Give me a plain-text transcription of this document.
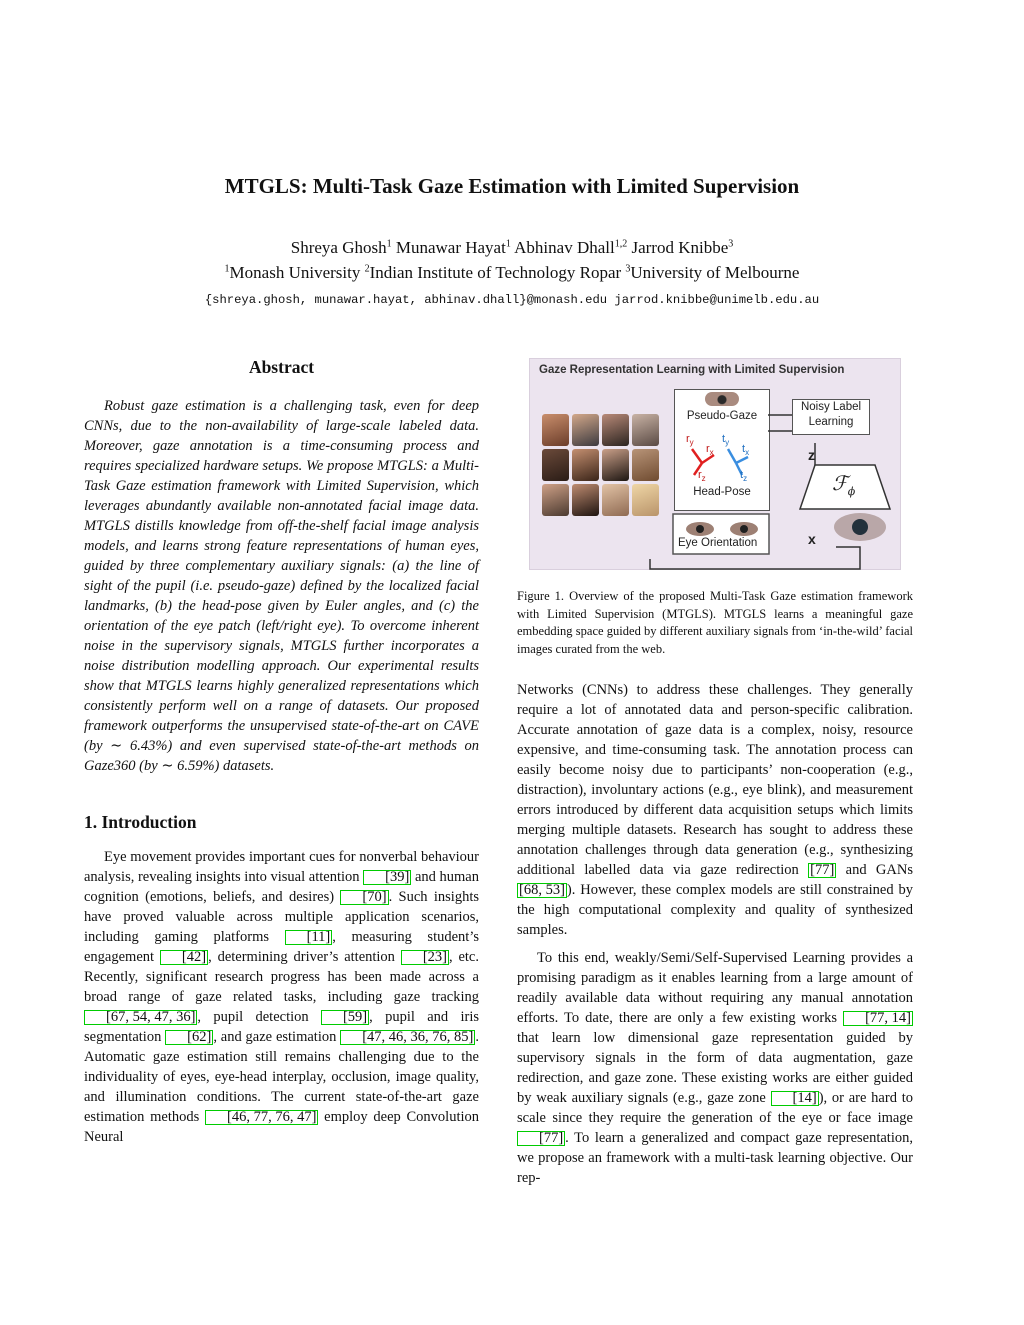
MTGLS: Multi-Task Gaze Estimation with Limited Supervision

Shreya Ghosh$^1$ Munawar Hayat$^1$ Abhinav Dhall$^{1,2}$ Jarrod Knibbe$^3$

$^1$Monash University $^2$Indian Institute of Technology Ropar $^3$University of Melbourne

{shreya.ghosh, munawar.hayat, abhinav.dhall}@monash.edu jarrod.knibbe@unimelb.edu.au

Abstract

Robust gaze estimation is a challenging task, even for deep CNNs, due to the non-availability of large-scale labeled data. Moreover, gaze annotation is a time-consuming process and requires specialized hardware setups. We propose MTGLS: a Multi-Task Gaze estimation framework with Limited Supervision, which leverages abundantly available non-annotated facial image data. MTGLS distills knowledge from off-the-shelf facial image analysis models, and learns strong feature representations of human eyes, guided by three complementary auxiliary signals: (a) the line of sight of the pupil (i.e. pseudo-gaze) defined by the localized facial landmarks, (b) the head-pose given by Euler angles, and (c) the orientation of the eye patch (left/right eye). To overcome inherent noise in the supervisory signals, MTGLS further incorporates a noise distribution modelling approach. Our experimental results show that MTGLS learns highly generalized representations which consistently perform well on a range of datasets. Our proposed framework outperforms the unsupervised state-of-the-art on CAVE (by ∼ 6.43%) and even supervised state-of-the-art methods on Gaze360 (by ∼ 6.59%) datasets.

1. Introduction

Eye movement provides important cues for nonverbal behaviour analysis, revealing insights into visual attention [39] and human cognition (emotions, beliefs, and desires) [70] . Such insights have proved valuable across multiple application scenarios, including gaming platforms [11] , measuring student’s engagement [42] , determining driver’s attention [23] , etc. Recently, significant research progress has been made across a broad range of gaze related tasks, including gaze tracking [67, 54, 47, 36] , pupil detection [59] , pupil and iris segmentation [62] , and gaze estimation [47, 46, 36, 76, 85] . Automatic gaze estimation still remains challenging due to the individuality of eyes, eye-head interplay, occlusion, image quality, and illumination conditions. The current state-of-the-art gaze estimation methods [46, 77, 76, 47] employ deep Convolution Neural

Gaze Representation Learning with Limited Supervision
Pseudo-Gaze
Head-Pose
$r_y$
$r_x$
$r_z$
$t_y$
$t_x$
$t_z$
Noisy Label
Learning
z
ℱ$_\phi$
x
Eye Orientation

Figure 1. Overview of the proposed Multi-Task Gaze estimation framework with Limited Supervision (MTGLS). MTGLS learns a meaningful gaze embedding space guided by different auxiliary signals from ‘in-the-wild’ facial images curated from the web.

Networks (CNNs) to address these challenges. They generally require a lot of annotated data and person-specific calibration. Accurate annotation of gaze data is a complex, noisy, resource expensive, and time-consuming task. The annotation process can easily become noisy due to participants’ non-cooperation (e.g., distraction), involuntary actions (e.g., eye blink), and measurement errors introduced by different data acquisition setups which limits merging multiple datasets. Research has sought to address these annotation challenges through data generation (e.g., synthesizing additional labelled data via gaze redirection [77] and GANs [68, 53] ). However, these complex models are still constrained by the high computational complexity and quality of synthesized samples.

To this end, weakly/Semi/Self-Supervised Learning provides a promising paradigm as it enables learning from a large amount of readily available data without requiring any manual annotation efforts. To date, there are only a few existing works [77, 14] that learn low dimensional gaze representation guided by supervisory signals in the form of data augmentation, gaze redirection, and gaze zone. These existing works are either guided by weak auxiliary signals (e.g., gaze zone [14] ), or are hard to scale since they require the generation of the eye or face image [77] . To learn a generalized and compact gaze representation, we propose an framework with a multi-task learning objective. Our rep-
